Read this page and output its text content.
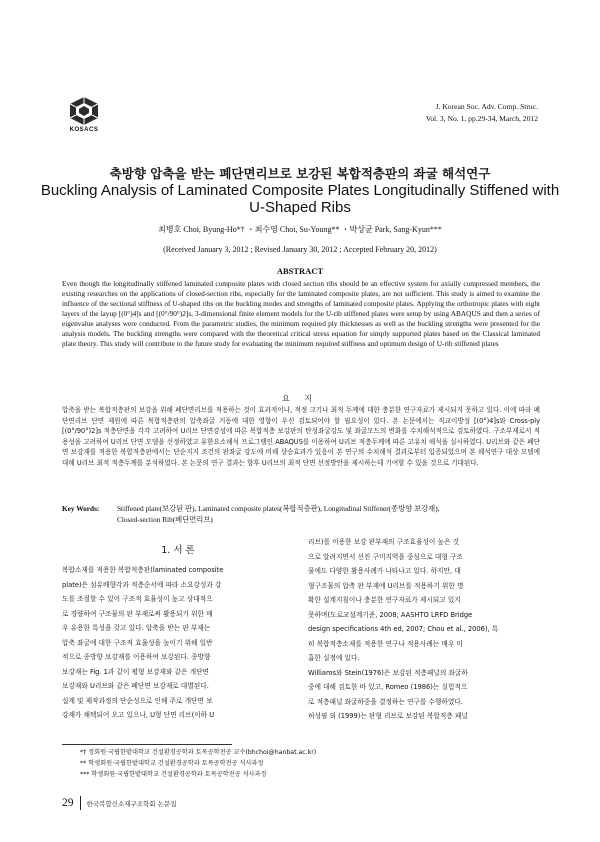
KOSACS
J. Korean Soc. Adv. Comp. Struc.
Vol. 3, No. 1, pp.29-34, March, 2012
축방향 압축을 받는 폐단면리브로 보강된 복합적층판의 좌굴 해석연구
Buckling Analysis of Laminated Composite Plates Longitudinally Stiffened with U-Shaped Ribs
최병호 Choi, Byung-Ho*† ・최수영 Choi, Su-Young** ・박상균 Park, Sang-Kyun***
(Received January 3, 2012 ; Revised January 30, 2012 ; Accepted February 20, 2012)
ABSTRACT
Even though the longitudinally stiffened laminated composite plates with closed section ribs should be an effective system for axially compressed members, the existing researches on the applications of closed-section ribs, especially for the laminated composite plates, are not sufficient. This study is aimed to examine the influence of the sectional stiffness of U-shaped ribs on the buckling modes and strengths of laminated composite plates. Applying the orthotropic plates with eight layers of the layup [(0°)4]s and [(0°/90°)2]s, 3-dimensional finite element models for the U-rib stiffened plates were setup by using ABAQUS and then a series of eigenvalue analyses were conducted. From the parametric studies, the minimum required ply thicknesses as well as the buckling strengths were presented for the analysis models. The buckling strengths were compared with the theoretical critical stress equation for simply supported plates based on the Classical laminated plate theory. This study will contribute to the future study for evaluating the minimum required stiffness and optimum design of U-rib stiffened plates
요 지
압축을 받는 복합적층판의 보강을 위해 폐단면리브를 적용하는 것이 효과적이나, 적정 크기나 최적 두께에 대한 충분한 연구자료가 제시되지 못하고 있다. 이에 따라 폐단면리브 단면 제원에 따른 복합적층판의 압축좌굴 거동에 대한 영향이 우선 검토되어야 할 필요성이 있다. 본 논문에서는 직교이방성 [(0°)4]s와 Cross-ply [(0°/90°)2]s 적층단면을 각각 고려하여 U리브 단면강성에 따른 복합적층 보강판의 탄성좌굴강도 및 좌굴모드의 변화를 수치해석적으로 검토하였다. 구조부재로서 적용성을 고려하여 U리브 단면 모델을 선정하였고 유한요소해석 프로그램인 ABAQUS를 이용하여 U리브 적층두께에 따른 고유치 해석을 실시하였다. U리브와 같은 폐단면 보강재를 적용한 복합적층판에서는 단순지지 조건의 판좌굴 강도에 비해 상승효과가 있음이 본 연구의 수치해석 결과로부터 입증되었으며 본 해석연구 대상 모델에 대해 U리브 최적 적층두께를 분석하였다. 본 논문의 연구 결과는 향후 U리브의 최적 단면 선정방안을 제시하는데 기여할 수 있을 것으로 기대된다.
Key Words:	Stiffened plate(보강된 판), Laminated composite plates(복합적층판), Longitudinal Stiffener(종방향 보강재),
Closed-section Rib(폐단면리브)
1. 서 론

복합소재를 적용한 복합적층판(laminated composite

plate)은 섬유배향각과 적층순서에 따라 소요강성과 강

도를 조절할 수 있어 구조적 효율성이 높고 상대적으

로 경량하여 구조물의 판 부재로써 활용되기 위한 매

우 유용한 특성을 갖고 있다. 압축을 받는 판 부재는

압축 좌굴에 대한 구조적 효율성을 높이기 위해 일반

적으로 종방향 보강재를 이용하여 보강된다. 종방향

보강재는 Fig. 1과 같이 평형 보강재와 같은 개단면

보강재와 U리브와 같은 폐단면 보강재로 대별된다.

설계 및 제작과정의 단순성으로 인해 주로 개단면 보

강재가 채택되어 오고 있으나, U형 단면 리브(이하 U

리브)를 이용한 보강 판부재의 구조효율성이 높은 것

으로 알려지면서 선진 구미지역을 중심으로 대형 구조

물에도 다양한 활용사례가 나타나고 있다. 하지만, 대

형구조물의 압축 판 부재에 U리브를 적용하기 위한 명

확한 설계지침이나 충분한 연구자료가 제시되고 있지

못하며(도로교설계기준, 2008; AASHTO LRFD Bridge

design specifications 4th ed, 2007; Chou et al., 2006), 특

히 복합적층소재를 적용한 연구나 적용사례는 매우 미

흡한 실정에 있다.

Williams와 Stein(1976)은 보강된 적층패널의 좌굴하

중에 대해 검토한 바 있고, Romeo (1986)는 실험적으

로 적층패널 좌굴하중을 결정하는 연구를 수행하였다.

허성필 외 (1999)는 판형 리브로 보강된 복합적층 패널

*† 정회원·국립한밭대학교 건설환경공학과 토목공학전공 교수(bhchoi@hanbat.ac.kr)
** 학생회원·국립한밭대학교 건설환경공학과 토목공학전공 석사과정
*** 학생회원·국립한밭대학교 건설환경공학과 토목공학전공 석사과정
29 한국복합신소재구조학회 논문집
